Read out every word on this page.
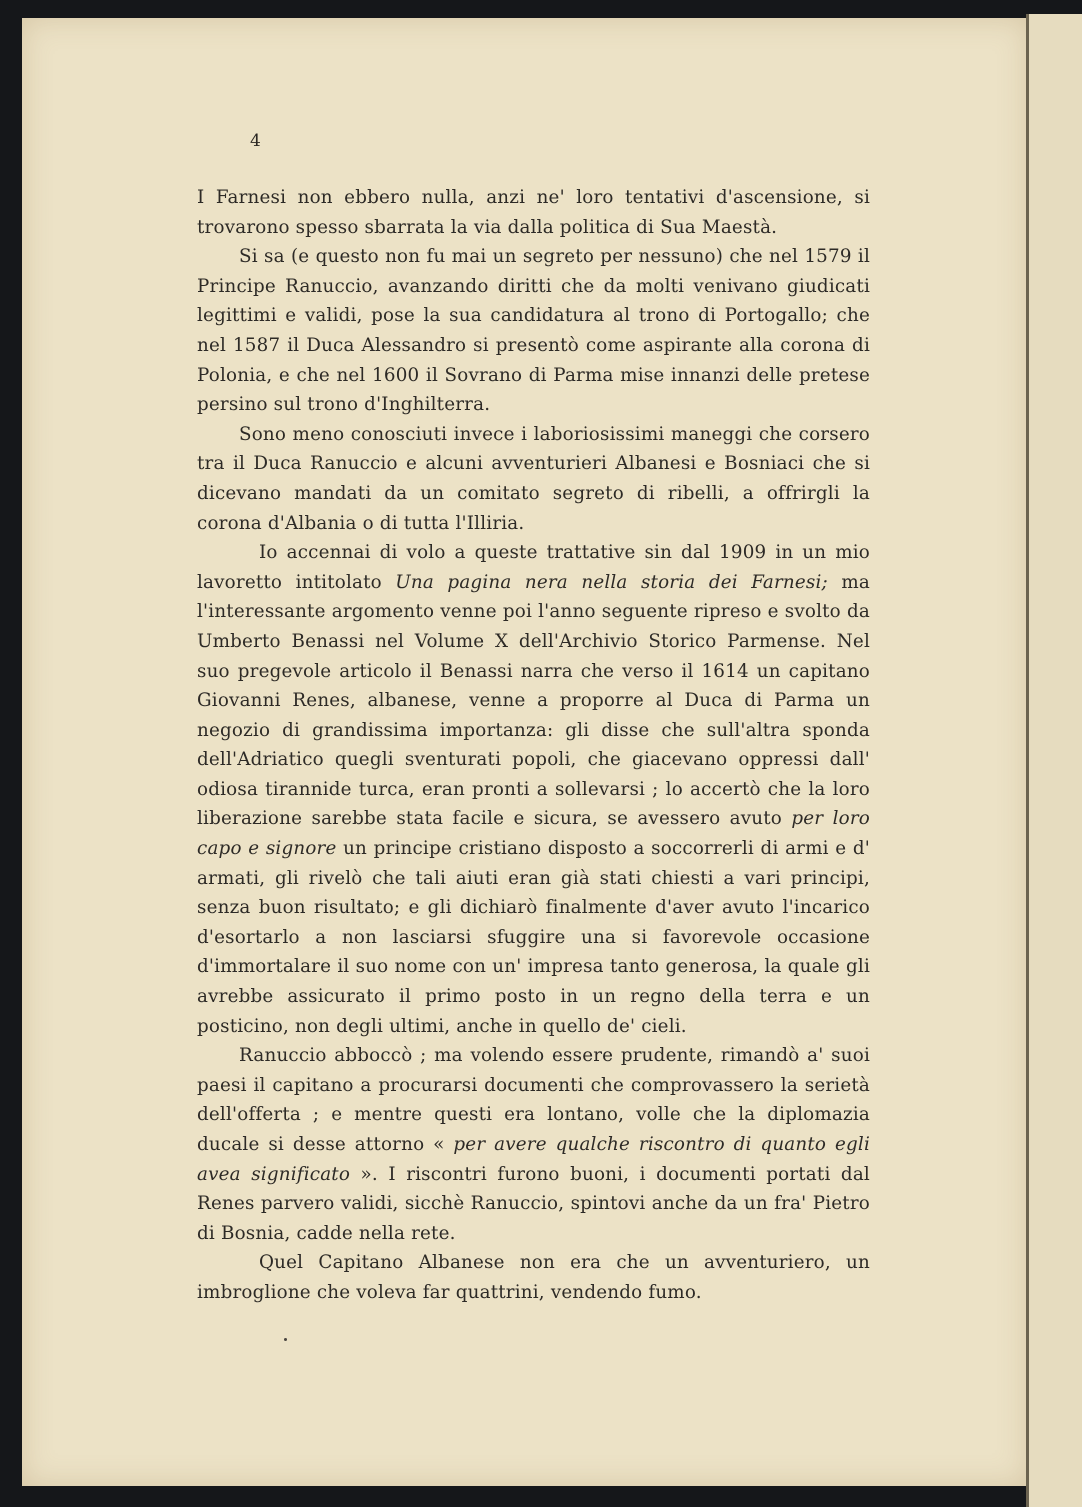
4

I Farnesi non ebbero nulla, anzi ne' loro tentativi d'ascensione, si trovarono spesso sbarrata la via dalla politica di Sua Maestà.

Si sa (e questo non fu mai un segreto per nessuno) che nel 1579 il Principe Ranuccio, avanzando diritti che da molti venivano giudicati legittimi e validi, pose la sua candidatura al trono di Portogallo; che nel 1587 il Duca Alessandro si presentò come aspirante alla corona di Polonia, e che nel 1600 il Sovrano di Parma mise innanzi delle pretese persino sul trono d'Inghilterra.

Sono meno conosciuti invece i laboriosissimi maneggi che corsero tra il Duca Ranuccio e alcuni avventurieri Albanesi e Bosniaci che si dicevano mandati da un comitato segreto di ribelli, a offrirgli la corona d'Albania o di tutta l'Illiria.

Io accennai di volo a queste trattative sin dal 1909 in un mio lavoretto intitolato Una pagina nera nella storia dei Farnesi; ma l'interessante argomento venne poi l'anno seguente ripreso e svolto da Umberto Benassi nel Volume X dell'Archivio Storico Parmense. Nel suo pregevole articolo il Benassi narra che verso il 1614 un capitano Giovanni Renes, albanese, venne a proporre al Duca di Parma un negozio di grandissima importanza: gli disse che sull'altra sponda dell'Adriatico quegli sventurati popoli, che giacevano oppressi dall' odiosa tirannide turca, eran pronti a sollevarsi ; lo accertò che la loro liberazione sarebbe stata facile e sicura, se avessero avuto per loro capo e signore un principe cristiano disposto a soccorrerli di armi e d' armati, gli rivelò che tali aiuti eran già stati chiesti a vari principi, senza buon risultato; e gli dichiarò finalmente d'aver avuto l'incarico d'esortarlo a non lasciarsi sfuggire una si favorevole occasione d'immortalare il suo nome con un' impresa tanto generosa, la quale gli avrebbe assicurato il primo posto in un regno della terra e un posticino, non degli ultimi, anche in quello de' cieli.

Ranuccio abboccò ; ma volendo essere prudente, rimandò a' suoi paesi il capitano a procurarsi documenti che comprovassero la serietà dell'offerta ; e mentre questi era lontano, volle che la diplomazia ducale si desse attorno « per avere qualche riscontro di quanto egli avea significato ». I riscontri furono buoni, i documenti portati dal Renes parvero validi, sicchè Ranuccio, spintovi anche da un fra' Pietro di Bosnia, cadde nella rete.

Quel Capitano Albanese non era che un avventuriero, un imbroglione che voleva far quattrini, vendendo fumo.
